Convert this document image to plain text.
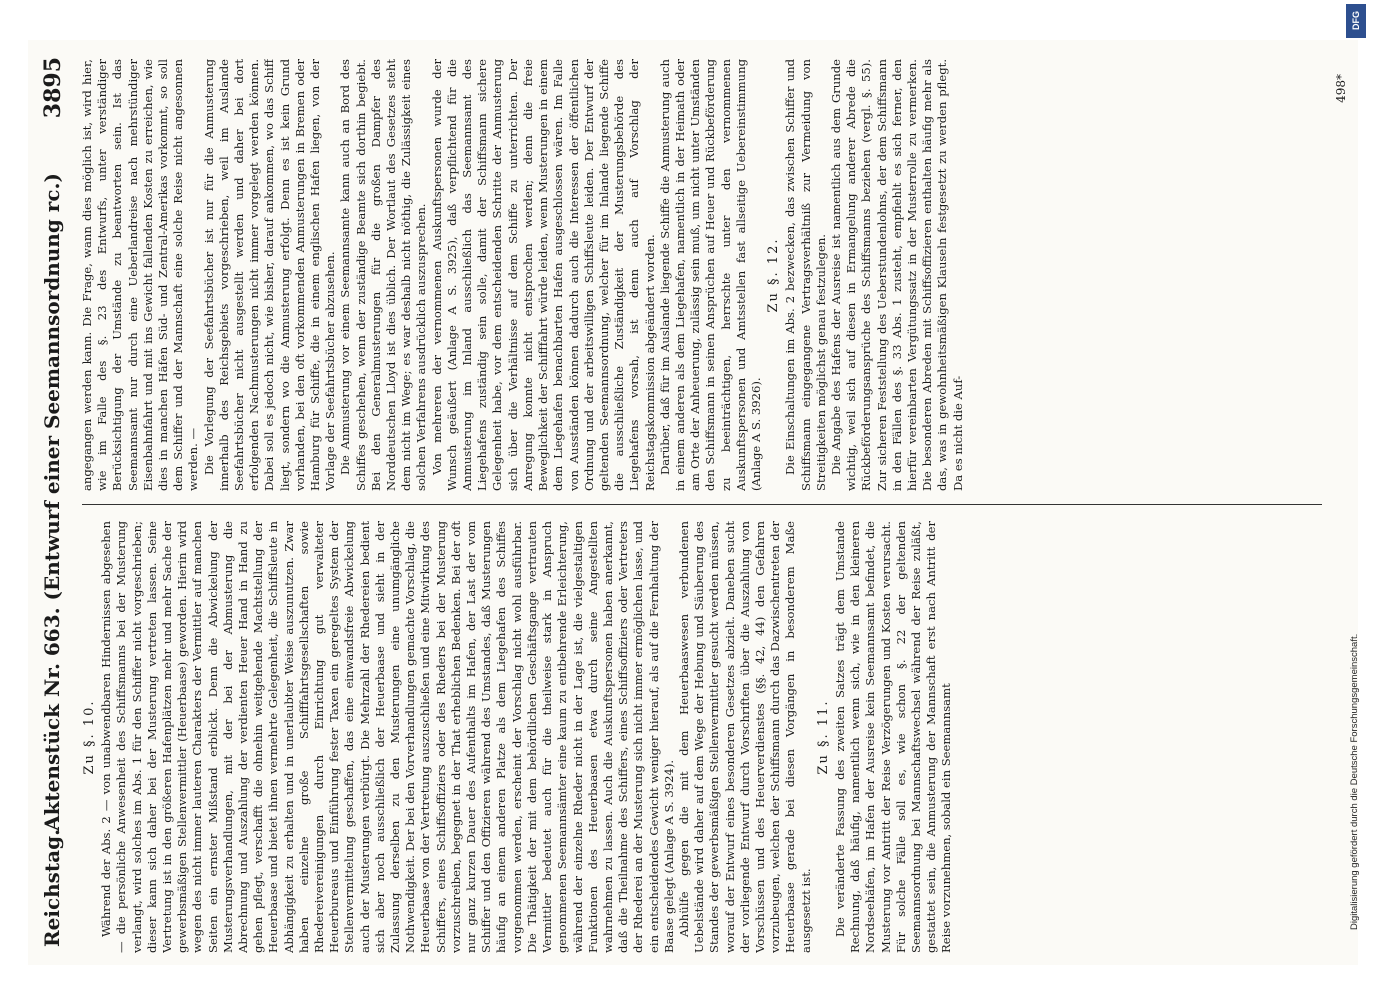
Reichstag.
Aktenstück Nr. 663. (Entwurf einer Seemannsordnung rc.)
3895
Zu §. 10. Während der Abs. 2 — von unabwendbaren Hindernissen abgesehen — die persönliche Anwesenheit des Schiffsmanns bei der Musterung verlangt, wird solches im Abs. 1 für den Schiffer nicht vorgeschrieben; dieser kann sich daher bei der Musterung vertreten lassen. Seine Vertretung ist in den größeren Hafenplätzen mehr und mehr Sache der gewerbsmäßigen Stellenvermittler (Heuerbaase) geworden. Hierin wird wegen des nicht immer lauteren Charakters der Vermittler auf manchen Seiten ein ernster Mißstand erblickt. Denn die Abwickelung der Musterungsverhandlungen, mit der bei der Abmusterung die Abrechnung und Auszahlung der verdienten Heuer Hand in Hand zu gehen pflegt, verschafft die ohnehin weitgehende Machtstellung der Heuerbaase und bietet ihnen vermehrte Gelegenheit, die Schiffsleute in Abhängigkeit zu erhalten und in unerlaubter Weise auszunutzen. Zwar haben einzelne große Schifffahrtsgesellschaften sowie Rhedereivereinigungen durch Einrichtung gut verwalteter Heuerbureaus und Einführung fester Taxen ein geregeltes System der Stellenvermittelung geschaffen, das eine einwandsfreie Abwickelung auch der Musterungen verbürgt. Die Mehrzahl der Rhedereien bedient sich aber noch ausschließlich der Heuerbaase und sieht in der Zulassung derselben zu den Musterungen eine unumgängliche Nothwendigkeit. Der bei den Vorverhandlungen gemachte Vorschlag, die Heuerbaase von der Vertretung auszuschließen und eine Mitwirkung des Schiffers, eines Schiffsoffiziers oder des Rheders bei der Musterung vorzuschreiben, begegnet in der That erheblichen Bedenken. Bei der oft nur ganz kurzen Dauer des Aufenthalts im Hafen, der Last der vom Schiffer und den Offizieren während des Umstandes, daß Musterungen häufig an einem anderen Platze als dem Liegehafen des Schiffes vorgenommen werden, erscheint der Vorschlag nicht wohl ausführbar. Die Thätigkeit der mit dem behördlichen Geschäftsgange vertrauten Vermittler bedeutet auch für die theilweise stark in Anspruch genommenen Seemannsämter eine kaum zu entbehrende Erleichterung, während der einzelne Rheder nicht in der Lage ist, die vielgestaltigen Funktionen des Heuerbaasen etwa durch seine Angestellten wahrnehmen zu lassen. Auch die Auskunftspersonen haben anerkannt, daß die Theilnahme des Schiffers, eines Schiffsoffiziers oder Vertreters der Rhederei an der Musterung sich nicht immer ermöglichen lasse, und ein entscheidendes Gewicht weniger hierauf, als auf die Fernhaltung der Baase gelegt (Anlage A S. 3924). Abhülfe gegen die mit dem Heuerbaaswesen verbundenen Uebelstände wird daher auf dem Wege der Hebung und Säuberung des Standes der gewerbsmäßigen Stellenvermittler gesucht werden müssen, worauf der Entwurf eines besonderen Gesetzes abzielt. Daneben sucht der vorliegende Entwurf durch Vorschriften über die Auszahlung von Vorschüssen und des Heuerverdienstes (§§. 42, 44) den Gefahren vorzubeugen, welchen der Schiffsmann durch das Dazwischentreten der Heuerbaase gerade bei diesen Vorgängen in besonderem Maße ausgesetzt ist.

Zu §. 11. Die veränderte Fassung des zweiten Satzes trägt dem Umstande Rechnung, daß häufig, namentlich wenn sich, wie in den kleineren Nordseehäfen, im Hafen der Ausreise kein Seemannsamt befindet, die Musterung vor Antritt der Reise Verzögerungen und Kosten verursacht. Für solche Fälle soll es, wie schon §. 22 der geltenden Seemannsordnung bei Mannschaftswechsel während der Reise zuläßt, gestattet sein, die Anmusterung der Mannschaft erst nach Antritt der Reise vorzunehmen, sobald ein Seemannsamt

angegangen werden kann. Die Frage, wann dies möglich ist, wird hier, wie im Falle des §. 23 des Entwurfs, unter verständiger Berücksichtigung der Umstände zu beantworten sein. Ist das Seemannsamt nur durch eine Ueberlandreise nach mehrstündiger Eisenbahnfahrt und mit ins Gewicht fallenden Kosten zu erreichen, wie dies in manchen Häfen Süd- und Zentral-Amerikas vorkommt, so soll dem Schiffer und der Mannschaft eine solche Reise nicht angesonnen werden. — Die Vorlegung der Seefahrtsbücher ist nur für die Anmusterung innerhalb des Reichsgebiets vorgeschrieben, weil im Auslande Seefahrtsbücher nicht ausgestellt werden und daher bei dort erfolgenden Nachmusterungen nicht immer vorgelegt werden können. Dabei soll es jedoch nicht, wie bisher, darauf ankommen, wo das Schiff liegt, sondern wo die Anmusterung erfolgt. Denn es ist kein Grund vorhanden, bei den oft vorkommenden Anmusterungen in Bremen oder Hamburg für Schiffe, die in einem englischen Hafen liegen, von der Vorlage der Seefahrtsbücher abzusehen. Die Anmusterung vor einem Seemannsamte kann auch an Bord des Schiffes geschehen, wenn der zuständige Beamte sich dorthin begiebt. Bei den Generalmusterungen für die großen Dampfer des Norddeutschen Lloyd ist dies üblich. Der Wortlaut des Gesetzes steht dem nicht im Wege; es war deshalb nicht nöthig, die Zulässigkeit eines solchen Verfahrens ausdrücklich auszusprechen. Von mehreren der vernommenen Auskunftspersonen wurde der Wunsch geäußert (Anlage A S. 3925), daß verpflichtend für die Anmusterung im Inland ausschließlich das Seemannsamt des Liegehafens zuständig sein solle, damit der Schiffsmann sichere Gelegenheit habe, vor dem entscheidenden Schritte der Anmusterung sich über die Verhältnisse auf dem Schiffe zu unterrichten. Der Anregung konnte nicht entsprochen werden; denn die freie Beweglichkeit der Schifffahrt würde leiden, wenn Musterungen in einem dem Liegehafen benachbarten Hafen ausgeschlossen wären. Im Falle von Ausständen können dadurch auch die Interessen der öffentlichen Ordnung und der arbeitswilligen Schiffsleute leiden. Der Entwurf der geltenden Seemannsordnung, welcher für im Inlande liegende Schiffe die ausschließliche Zuständigkeit der Musterungsbehörde des Liegehafens vorsah, ist denn auch auf Vorschlag der Reichstagskommission abgeändert worden. Darüber, daß für im Auslande liegende Schiffe die Anmusterung auch in einem anderen als dem Liegehafen, namentlich in der Heimath oder am Orte der Anheuerung, zulässig sein muß, um nicht unter Umständen den Schiffsmann in seinen Ansprüchen auf Heuer und Rückbeförderung zu beeinträchtigen, herrschte unter den vernommenen Auskunftspersonen und Amtsstellen fast allseitige Uebereinstimmung (Anlage A S. 3926).

Zu §. 12. Die Einschaltungen im Abs. 2 bezwecken, das zwischen Schiffer und Schiffsmann eingegangene Vertragsverhältniß zur Vermeidung von Streitigkeiten möglichst genau festzulegen. Die Angabe des Hafens der Ausreise ist namentlich aus dem Grunde wichtig, weil sich auf diesen in Ermangelung anderer Abrede die Rückbeförderungsansprüche des Schiffsmanns beziehen (vergl. §. 55). Zur sicheren Feststellung des Ueberstundenlohns, der dem Schiffsmann in den Fällen des §. 33 Abs. 1 zusteht, empfiehlt es sich ferner, den hierfür vereinbarten Vergütungssatz in der Musterrolle zu vermerken. Die besonderen Abreden mit Schiffsoffizieren enthalten häufig mehr als das, was in gewohnheitsmäßigen Klauseln festgesetzt zu werden pflegt. Da es nicht die Auf-

498*
DFG
Digitalisierung gefördert durch die Deutsche Forschungsgemeinschaft.
